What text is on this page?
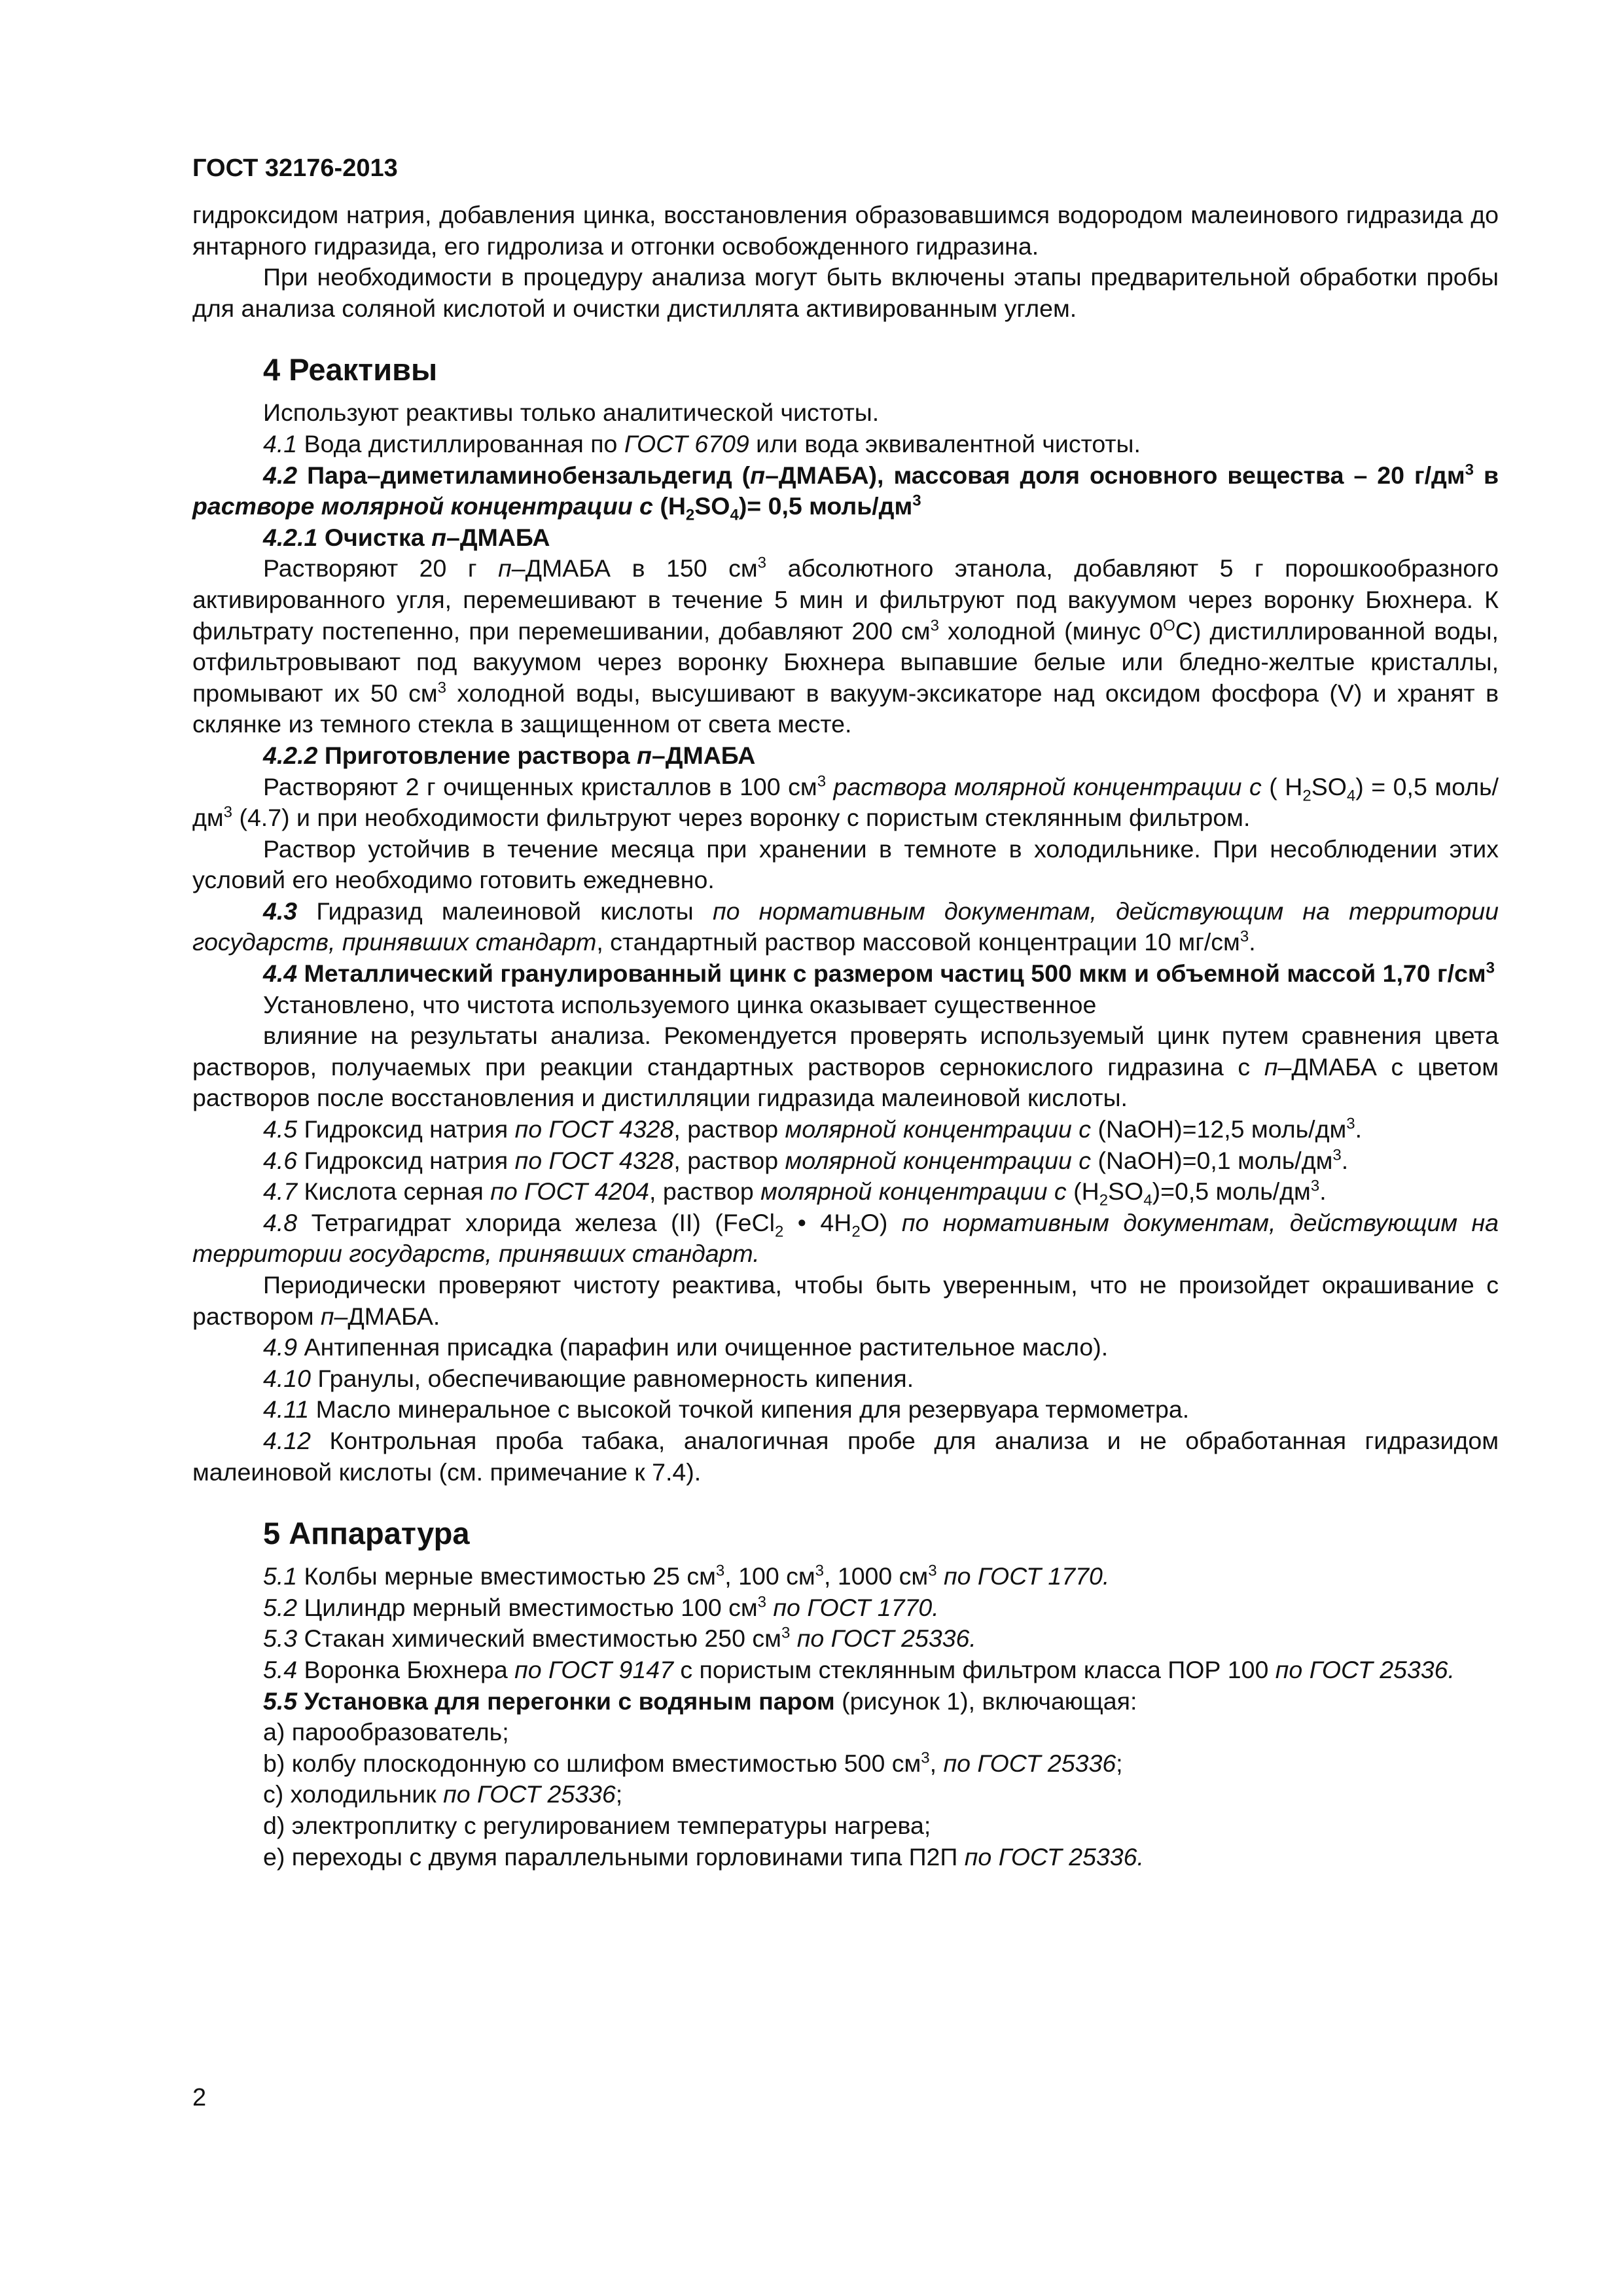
ГОСТ 32176-2013

гидроксидом натрия, добавления цинка, восстановления образовавшимся водородом малеинового гидразида до янтарного гидразида, его гидролиза и отгонки освобожденного гидразина.

При необходимости в процедуру анализа могут быть включены этапы предварительной обработки пробы для анализа соляной кислотой и очистки дистиллята активированным углем.

4 Реактивы

Используют реактивы только аналитической чистоты.

4.1 Вода дистиллированная по ГОСТ 6709 или вода эквивалентной чистоты.

4.2 Пара–диметиламинобензальдегид (п–ДМАБА), массовая доля основного вещества – 20 $г/дм^3$ в растворе молярной концентрации с $(H_2SO_4)= 0,5$ моль/$дм^3$

4.2.1 Очистка п–ДМАБА

Растворяют 20 г п–ДМАБА в 150 $см^3$ абсолютного этанола, добавляют 5 г порошкообразного активированного угля, перемешивают в течение 5 мин и фильтруют под вакуумом через воронку Бюхнера. К фильтрату постепенно, при перемешивании, добавляют 200 $см^3$ холодной (минус $0^ОС$) дистиллированной воды, отфильтровывают под вакуумом через воронку Бюхнера выпавшие белые или бледно-желтые кристаллы, промывают их 50 $см^3$ холодной воды, высушивают в вакуум-эксикаторе над оксидом фосфора (V) и хранят в склянке из темного стекла в защищенном от света месте.

4.2.2 Приготовление раствора п–ДМАБА

Растворяют 2 г очищенных кристаллов в 100 $см^3$ раствора молярной концентрации с ( $H_2SO_4) = 0,5$ моль/$дм^3$ (4.7) и при необходимости фильтруют через воронку с пористым стеклянным фильтром.

Раствор устойчив в течение месяца при хранении в темноте в холодильнике. При несоблюдении этих условий его необходимо готовить ежедневно.

4.3 Гидразид малеиновой кислоты по нормативным документам, действующим на территории государств, принявших стандарт, стандартный раствор массовой концентрации 10 $мг/см^3$.

4.4 Металлический гранулированный цинк с размером частиц 500 мкм и объемной массой 1,70 $г/см^3$

Установлено, что чистота используемого цинка оказывает существенное

влияние на результаты анализа. Рекомендуется проверять используемый цинк путем сравнения цвета растворов, получаемых при реакции стандартных растворов сернокислого гидразина с п–ДМАБА с цветом растворов после восстановления и дистилляции гидразида малеиновой кислоты.

4.5 Гидроксид натрия по ГОСТ 4328, раствор молярной концентрации с (NaOH)=12,5 моль/$дм^3$.

4.6 Гидроксид натрия по ГОСТ 4328, раствор молярной концентрации с (NaOH)=0,1 моль/$дм^3$.

4.7 Кислота серная по ГОСТ 4204, раствор молярной концентрации с $(H_2SO_4)=0,5$ моль/$дм^3$.

4.8 Тетрагидрат хлорида железа (II) (FeCl$_2$ • $4H_2O$) по нормативным документам, действующим на территории государств, принявших стандарт.

Периодически проверяют чистоту реактива, чтобы быть уверенным, что не произойдет окрашивание с раствором п–ДМАБА.

4.9 Антипенная присадка (парафин или очищенное растительное масло).

4.10 Гранулы, обеспечивающие равномерность кипения.

4.11 Масло минеральное с высокой точкой кипения для резервуара термометра.

4.12 Контрольная проба табака, аналогичная пробе для анализа и не обработанная гидразидом малеиновой кислоты (см. примечание к 7.4).

5 Аппаратура

5.1 Колбы мерные вместимостью 25 $см^3$, 100 $см^3$, 1000 $см^3$ по ГОСТ 1770.

5.2 Цилиндр мерный вместимостью 100 $см^3$ по ГОСТ 1770.

5.3 Стакан химический вместимостью 250 $см^3$ по ГОСТ 25336.

5.4 Воронка Бюхнера по ГОСТ 9147 с пористым стеклянным фильтром класса ПОР 100 по ГОСТ 25336.

5.5 Установка для перегонки с водяным паром (рисунок 1), включающая:

а) парообразователь;

b) колбу плоскодонную со шлифом вместимостью 500 $см^3$, по ГОСТ 25336;

с) холодильник по ГОСТ 25336;

d) электроплитку с регулированием температуры нагрева;

е) переходы с двумя параллельными горловинами типа П2П по ГОСТ 25336.

2
